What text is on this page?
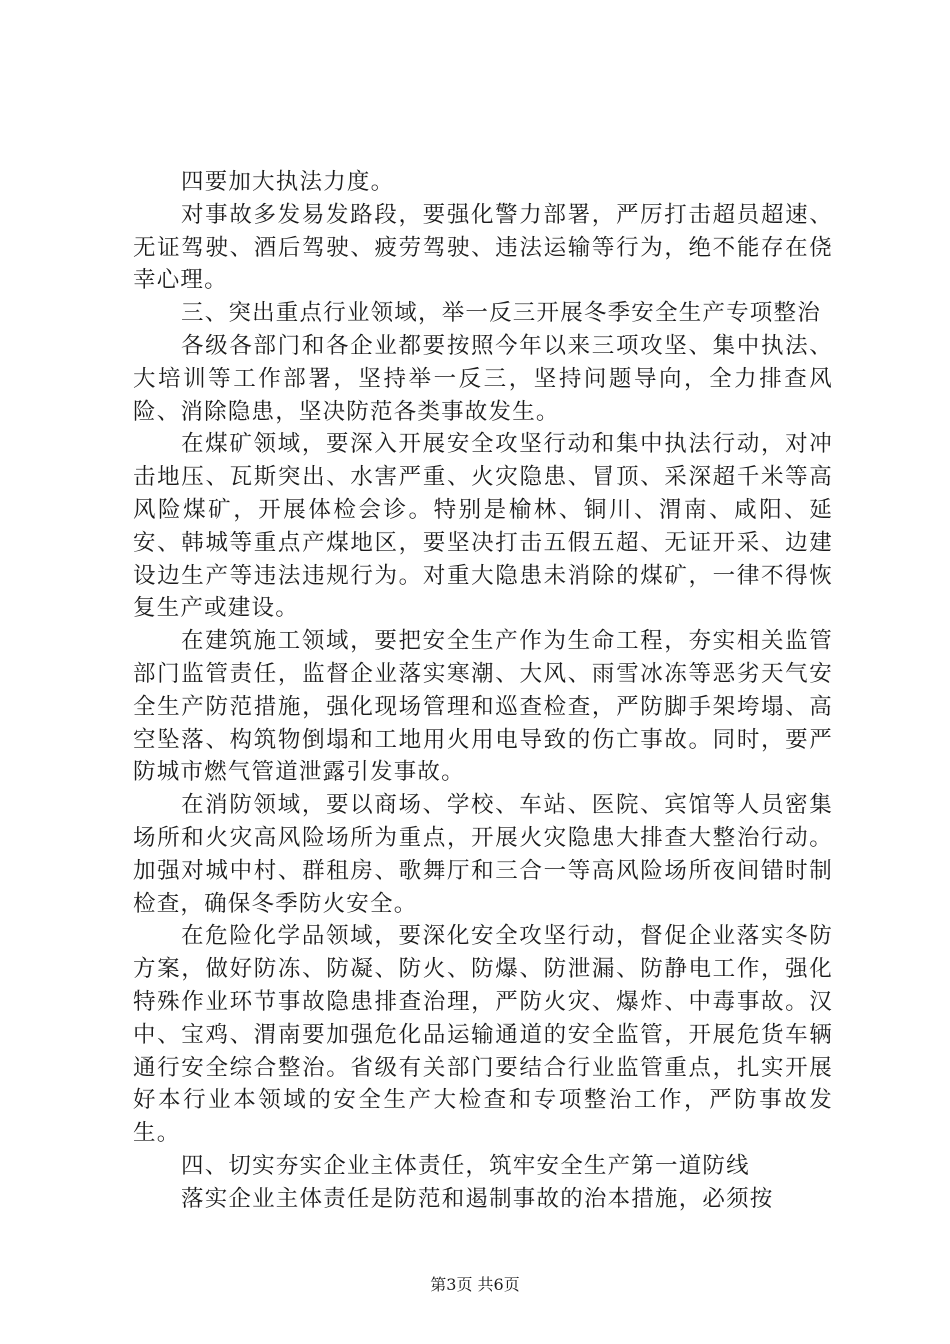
四要加大执法力度。

对事故多发易发路段，要强化警力部署，严厉打击超员超速、无证驾驶、酒后驾驶、疲劳驾驶、违法运输等行为，绝不能存在侥幸心理。

三、突出重点行业领域，举一反三开展冬季安全生产专项整治

各级各部门和各企业都要按照今年以来三项攻坚、集中执法、大培训等工作部署，坚持举一反三，坚持问题导向，全力排查风险、消除隐患，坚决防范各类事故发生。

在煤矿领域，要深入开展安全攻坚行动和集中执法行动，对冲击地压、瓦斯突出、水害严重、火灾隐患、冒顶、采深超千米等高风险煤矿，开展体检会诊。特别是榆林、铜川、渭南、咸阳、延安、韩城等重点产煤地区，要坚决打击五假五超、无证开采、边建设边生产等违法违规行为。对重大隐患未消除的煤矿，一律不得恢复生产或建设。

在建筑施工领域，要把安全生产作为生命工程，夯实相关监管部门监管责任，监督企业落实寒潮、大风、雨雪冰冻等恶劣天气安全生产防范措施，强化现场管理和巡查检查，严防脚手架垮塌、高空坠落、构筑物倒塌和工地用火用电导致的伤亡事故。同时，要严防城市燃气管道泄露引发事故。

在消防领域，要以商场、学校、车站、医院、宾馆等人员密集场所和火灾高风险场所为重点，开展火灾隐患大排查大整治行动。加强对城中村、群租房、歌舞厅和三合一等高风险场所夜间错时制检查，确保冬季防火安全。

在危险化学品领域，要深化安全攻坚行动，督促企业落实冬防方案，做好防冻、防凝、防火、防爆、防泄漏、防静电工作，强化特殊作业环节事故隐患排查治理，严防火灾、爆炸、中毒事故。汉中、宝鸡、渭南要加强危化品运输通道的安全监管，开展危货车辆通行安全综合整治。省级有关部门要结合行业监管重点，扎实开展好本行业本领域的安全生产大检查和专项整治工作，严防事故发生。

四、切实夯实企业主体责任，筑牢安全生产第一道防线

落实企业主体责任是防范和遏制事故的治本措施，必须按

第3页 共6页
